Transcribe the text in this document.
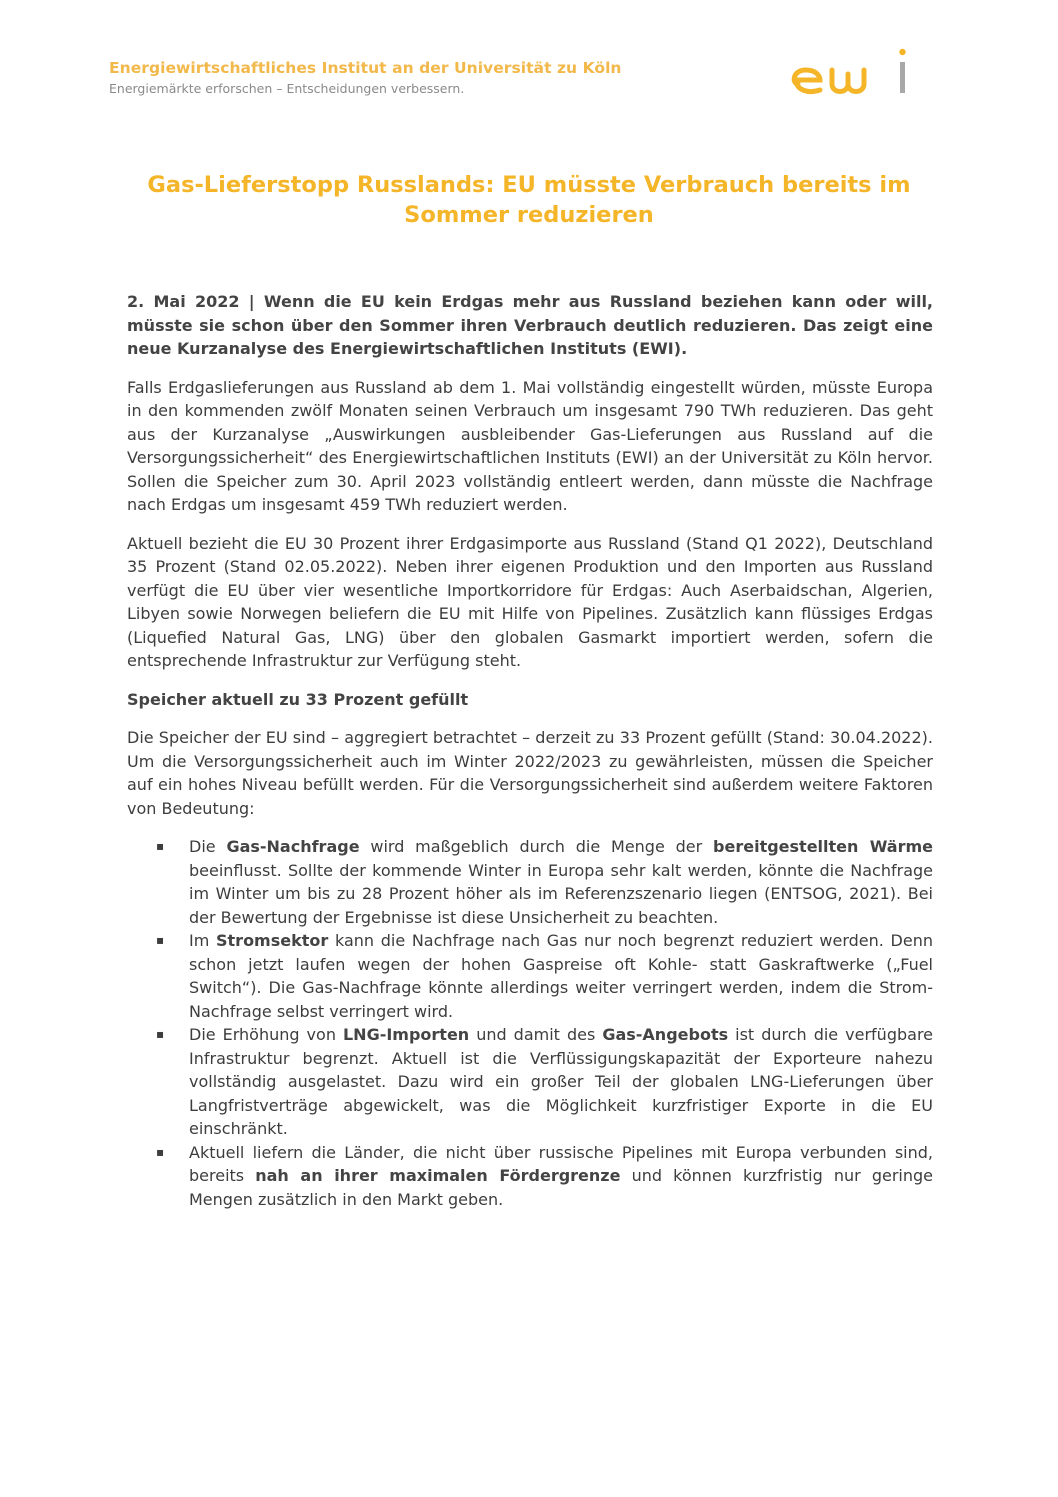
Energiewirtschaftliches Institut an der Universität zu Köln
Energiemärkte erforschen – Entscheidungen verbessern.
Gas-Lieferstopp Russlands: EU müsste Verbrauch bereits im Sommer reduzieren

2. Mai 2022 | Wenn die EU kein Erdgas mehr aus Russland beziehen kann oder will, müsste sie schon über den Sommer ihren Verbrauch deutlich reduzieren. Das zeigt eine neue Kurzanalyse des Energiewirtschaftlichen Instituts (EWI).

Falls Erdgaslieferungen aus Russland ab dem 1. Mai vollständig eingestellt würden, müsste Europa in den kommenden zwölf Monaten seinen Verbrauch um insgesamt 790 TWh reduzieren. Das geht aus der Kurzanalyse „Auswirkungen ausbleibender Gas-Lieferungen aus Russland auf die Versorgungssicherheit“ des Energiewirtschaftlichen Instituts (EWI) an der Universität zu Köln hervor. Sollen die Speicher zum 30. April 2023 vollständig entleert werden, dann müsste die Nachfrage nach Erdgas um insgesamt 459 TWh reduziert werden.

Aktuell bezieht die EU 30 Prozent ihrer Erdgasimporte aus Russland (Stand Q1 2022), Deutschland 35 Prozent (Stand 02.05.2022). Neben ihrer eigenen Produktion und den Importen aus Russland verfügt die EU über vier wesentliche Importkorridore für Erdgas: Auch Aserbaidschan, Algerien, Libyen sowie Norwegen beliefern die EU mit Hilfe von Pipelines. Zusätzlich kann flüssiges Erdgas (Liquefied Natural Gas, LNG) über den globalen Gasmarkt importiert werden, sofern die entsprechende Infrastruktur zur Verfügung steht.

Speicher aktuell zu 33 Prozent gefüllt

Die Speicher der EU sind – aggregiert betrachtet – derzeit zu 33 Prozent gefüllt (Stand: 30.04.2022). Um die Versorgungssicherheit auch im Winter 2022/2023 zu gewährleisten, müssen die Speicher auf ein hohes Niveau befüllt werden. Für die Versorgungssicherheit sind außerdem weitere Faktoren von Bedeutung:

▪ Die Gas-Nachfrage wird maßgeblich durch die Menge der bereitgestellten Wärme beeinflusst. Sollte der kommende Winter in Europa sehr kalt werden, könnte die Nachfrage im Winter um bis zu 28 Prozent höher als im Referenzszenario liegen (ENTSOG, 2021). Bei der Bewertung der Ergebnisse ist diese Unsicherheit zu beachten.
▪ Im Stromsektor kann die Nachfrage nach Gas nur noch begrenzt reduziert werden. Denn schon jetzt laufen wegen der hohen Gaspreise oft Kohle- statt Gaskraftwerke („Fuel Switch“). Die Gas-Nachfrage könnte allerdings weiter verringert werden, indem die Strom-Nachfrage selbst verringert wird.
▪ Die Erhöhung von LNG-Importen und damit des Gas-Angebots ist durch die verfügbare Infrastruktur begrenzt. Aktuell ist die Verflüssigungskapazität der Exporteure nahezu vollständig ausgelastet. Dazu wird ein großer Teil der globalen LNG-Lieferungen über Langfristverträge abgewickelt, was die Möglichkeit kurzfristiger Exporte in die EU einschränkt.
▪ Aktuell liefern die Länder, die nicht über russische Pipelines mit Europa verbunden sind, bereits nah an ihrer maximalen Fördergrenze und können kurzfristig nur geringe Mengen zusätzlich in den Markt geben.
